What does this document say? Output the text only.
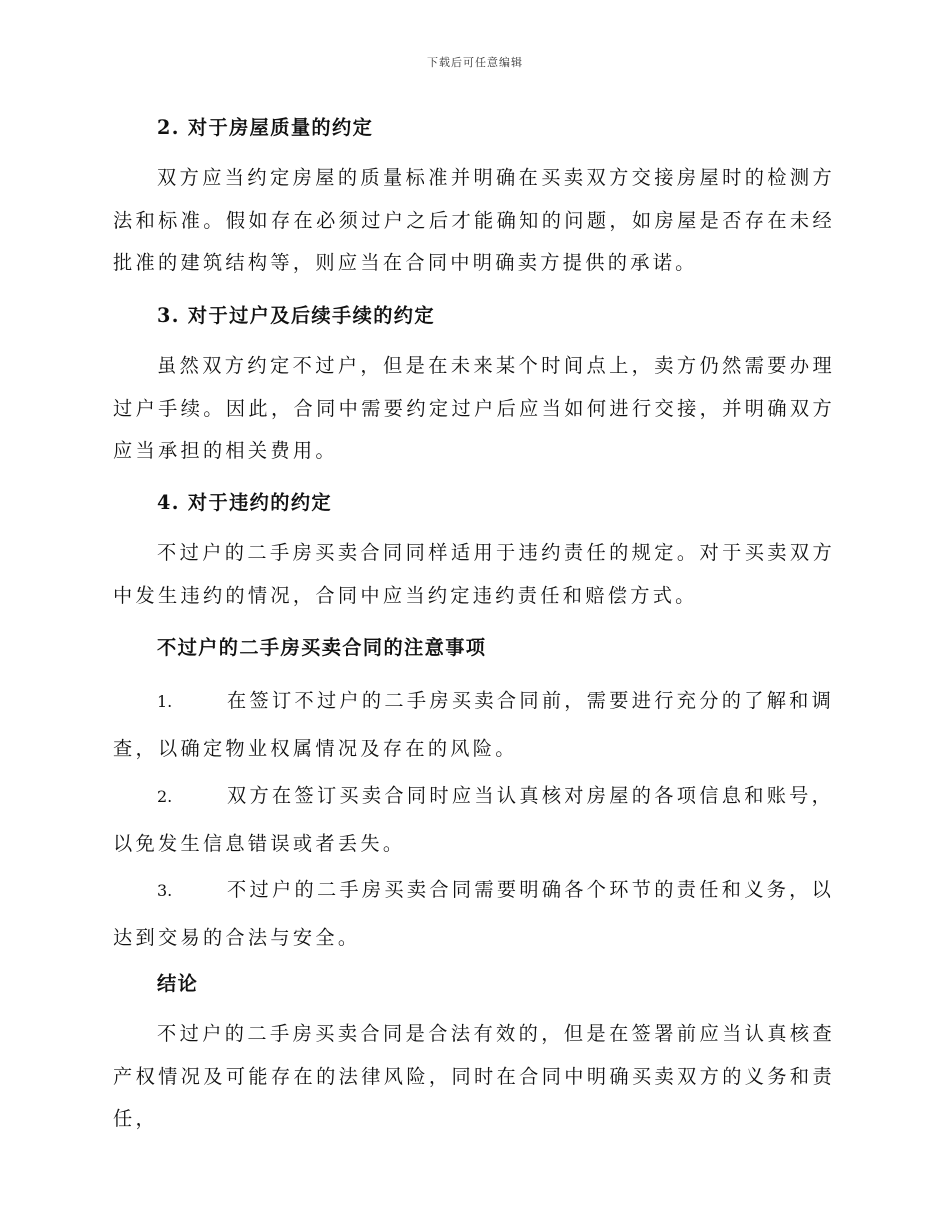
下载后可任意编辑
2. 对于房屋质量的约定
双方应当约定房屋的质量标准并明确在买卖双方交接房屋时的检测方法和标准。假如存在必须过户之后才能确知的问题，如房屋是否存在未经批准的建筑结构等，则应当在合同中明确卖方提供的承诺。
3. 对于过户及后续手续的约定
虽然双方约定不过户，但是在未来某个时间点上，卖方仍然需要办理过户手续。因此，合同中需要约定过户后应当如何进行交接，并明确双方应当承担的相关费用。
4. 对于违约的约定
不过户的二手房买卖合同同样适用于违约责任的规定。对于买卖双方中发生违约的情况，合同中应当约定违约责任和赔偿方式。
不过户的二手房买卖合同的注意事项
1.	在签订不过户的二手房买卖合同前，需要进行充分的了解和调查，以确定物业权属情况及存在的风险。
2.	双方在签订买卖合同时应当认真核对房屋的各项信息和账号，以免发生信息错误或者丢失。
3.	不过户的二手房买卖合同需要明确各个环节的责任和义务，以达到交易的合法与安全。
结论
不过户的二手房买卖合同是合法有效的，但是在签署前应当认真核查产权情况及可能存在的法律风险，同时在合同中明确买卖双方的义务和责任，
